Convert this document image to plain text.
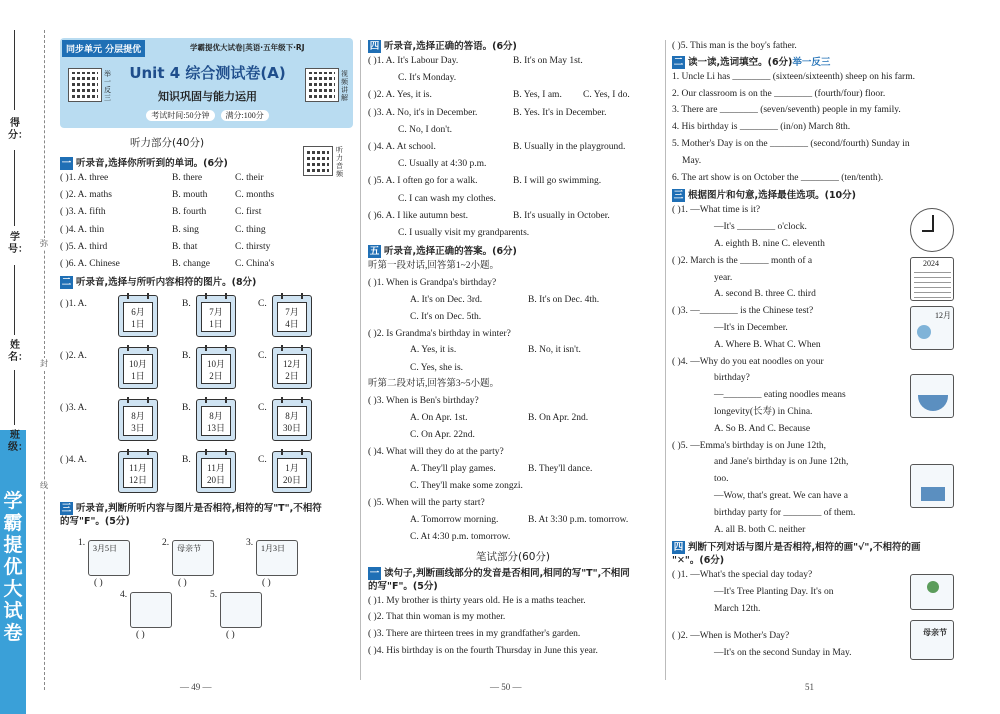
学霸提优大试卷
得分：
学号：
姓名：
班级：
弥
封
线
同步单元 分层提优	学霸提优大试卷|英语·五年级下·RJ
举一反三
Unit 4 综合测试卷(A)
知识巩固与能力运用
考试时间:50分钟 满分:100分
视频讲解
听力部分(40分)
听力音频
一 听录音,选择你所听到的单词。(6分)
( )1. A. three	B. there	C. their
( )2. A. maths	B. mouth	C. months
( )3. A. fifth	B. fourth	C. first
( )4. A. thin	B. sing	C. thing
( )5. A. third	B. that	C. thirsty
( )6. A. Chinese	B. change	C. China's
二 听录音,选择与所听内容相符的图片。(8分)
( )1. A.
6月
1日
B.
7月
1日
C.
7月
4日
( )2. A.
10月
1日
B.
10月
2日
C.
12月
2日
( )3. A.
8月
3日
B.
8月
13日
C.
8月
30日
( )4. A.
11月
12日
B.
11月
20日
C.
1月
20日
三 听录音,判断所听内容与图片是否相符,相符的写"T",不相符
的写"F"。(5分)
1.
3月5日
( )
2.
母亲节
( )
3.
1月3日
( )
4.
( )
5.
( )
四 听录音,选择正确的答语。(6分)
( )1. A. It's Labour Day.	B. It's on May 1st.
C. It's Monday.
( )2. A. Yes, it is.	B. Yes, I am. C. Yes, I do.
( )3. A. No, it's in December.	B. Yes. It's in December.
C. No, I don't.
( )4. A. At school.	B. Usually in the playground.
C. Usually at 4:30 p.m.
( )5. A. I often go for a walk.	B. I will go swimming.
C. I can wash my clothes.
( )6. A. I like autumn best.	B. It's usually in October.
C. I usually visit my grandparents.
五 听录音,选择正确的答案。(6分)
听第一段对话,回答第1~2小题。
( )1. When is Grandpa's birthday?
A. It's on Dec. 3rd.	B. It's on Dec. 4th.
C. It's on Dec. 5th.
( )2. Is Grandma's birthday in winter?
A. Yes, it is.	B. No, it isn't.
C. Yes, she is.
听第二段对话,回答第3~5小题。
( )3. When is Ben's birthday?
A. On Apr. 1st.	B. On Apr. 2nd.
C. On Apr. 22nd.
( )4. What will they do at the party?
A. They'll play games.	B. They'll dance.
C. They'll make some zongzi.
( )5. When will the party start?
A. Tomorrow morning.	B. At 3:30 p.m. tomorrow.
C. At 4:30 p.m. tomorrow.
笔试部分(60分)
一 读句子,判断画线部分的发音是否相同,相同的写"T",不相同
的写"F"。(5分)
( )1. My brother is thirty years old. He is a maths teacher.
( )2. That thin woman is my mother.
( )3. There are thirteen trees in my grandfather's garden.
( )4. His birthday is on the fourth Thursday in June this year.
( )5. This man is the boy's father.
二 读一读,选词填空。(6分)举一反三
1. Uncle Li has ________ (sixteen/sixteenth) sheep on his farm.
2. Our classroom is on the ________ (fourth/four) floor.
3. There are ________ (seven/seventh) people in my family.
4. His birthday is ________ (in/on) March 8th.
5. Mother's Day is on the ________ (second/fourth) Sunday in
May.
6. The art show is on October the ________ (ten/tenth).
三 根据图片和句意,选择最佳选项。(10分)
( )1. —What time is it?
—It's ________ o'clock.
A. eighth B. nine C. eleventh
( )2. March is the ______ month of a
year.
A. second B. three C. third
( )3. —________ is the Chinese test?
—It's in December.
A. Where B. What C. When
( )4. —Why do you eat noodles on your
birthday?
—________ eating noodles means
longevity(长寿) in China.
A. So B. And C. Because
( )5. —Emma's birthday is on June 12th,
and Jane's birthday is on June 12th,
too.
—Wow, that's great. We can have a
birthday party for ________ of them.
A. all B. both C. neither
四 判断下列对话与图片是否相符,相符的画"√",不相符的画
"✕"。(6分)
( )1. —What's the special day today?
—It's Tree Planting Day. It's on
March 12th.
( )2. —When is Mother's Day?
—It's on the second Sunday in May.
2024
12月
母亲节
— 49 —	— 50 —	51
